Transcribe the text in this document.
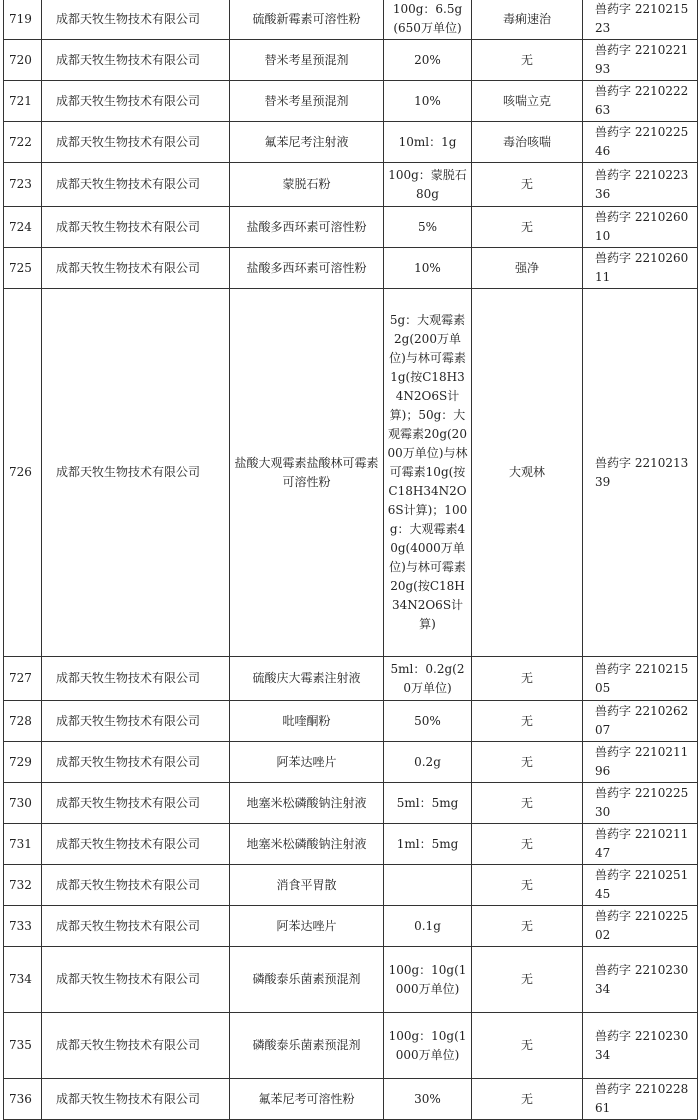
719	成都天牧生物技术有限公司	硫酸新霉素可溶性粉	100g：6.5g(650万单位)	毒痢速治	兽药字 221021523
720	成都天牧生物技术有限公司	替米考星预混剂	20%	无	兽药字 221022193
721	成都天牧生物技术有限公司	替米考星预混剂	10%	咳喘立克	兽药字 221022263
722	成都天牧生物技术有限公司	氟苯尼考注射液	10ml：1g	毒治咳喘	兽药字 221022546
723	成都天牧生物技术有限公司	蒙脱石粉	100g：蒙脱石80g	无	兽药字 221022336
724	成都天牧生物技术有限公司	盐酸多西环素可溶性粉	5%	无	兽药字 221026010
725	成都天牧生物技术有限公司	盐酸多西环素可溶性粉	10%	强净	兽药字 221026011
726	成都天牧生物技术有限公司	盐酸大观霉素盐酸林可霉素可溶性粉	5g：大观霉素2g(200万单位)与林可霉素1g(按C18H34N2O6S计算)；50g：大观霉素20g(2000万单位)与林可霉素10g(按C18H34N2O6S计算)；100g：大观霉素40g(4000万单位)与林可霉素20g(按C18H34N2O6S计算)	大观林	兽药字 221021339
727	成都天牧生物技术有限公司	硫酸庆大霉素注射液	5ml：0.2g(20万单位)	无	兽药字 221021505
728	成都天牧生物技术有限公司	吡喹酮粉	50%	无	兽药字 221026207
729	成都天牧生物技术有限公司	阿苯达唑片	0.2g	无	兽药字 221021196
730	成都天牧生物技术有限公司	地塞米松磷酸钠注射液	5ml：5mg	无	兽药字 221022530
731	成都天牧生物技术有限公司	地塞米松磷酸钠注射液	1ml：5mg	无	兽药字 221021147
732	成都天牧生物技术有限公司	消食平胃散		无	兽药字 221025145
733	成都天牧生物技术有限公司	阿苯达唑片	0.1g	无	兽药字 221022502
734	成都天牧生物技术有限公司	磷酸泰乐菌素预混剂	100g：10g(1000万单位)	无	兽药字 221023034
735	成都天牧生物技术有限公司	磷酸泰乐菌素预混剂	100g：10g(1000万单位)	无	兽药字 221023034
736	成都天牧生物技术有限公司	氟苯尼考可溶性粉	30%	无	兽药字 221022861
